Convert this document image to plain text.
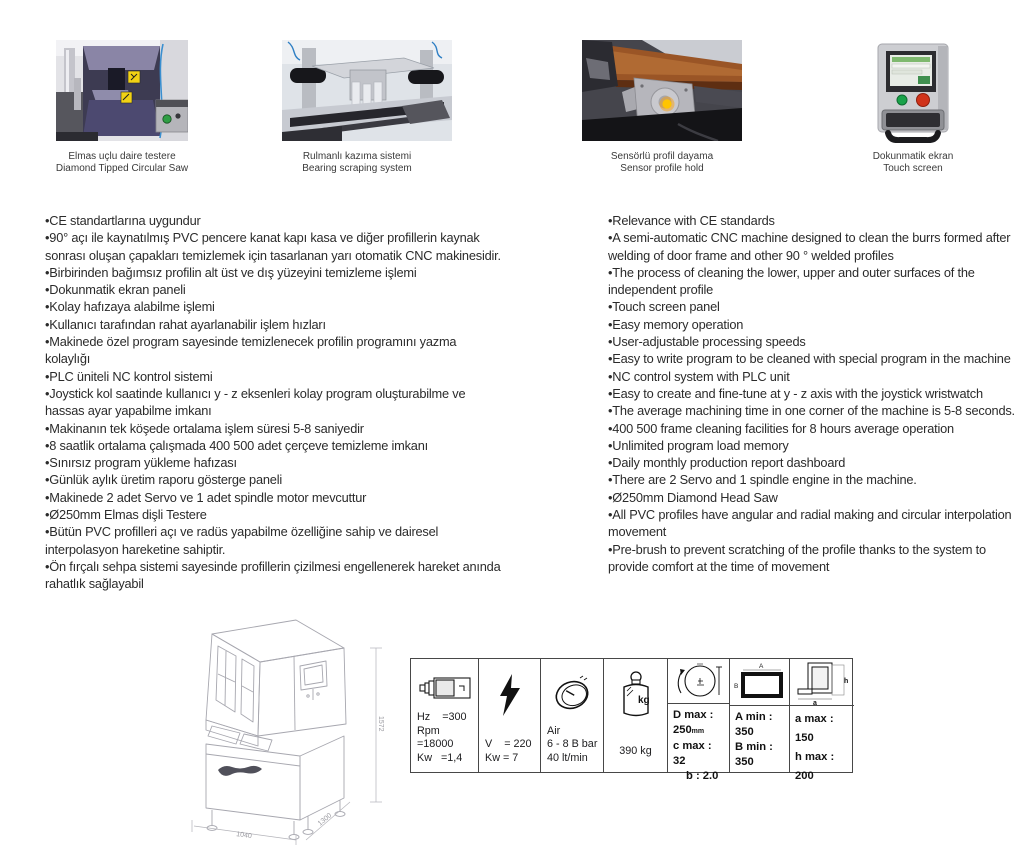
Elmas uçlu daire testere
Diamond Tipped Circular Saw
Rulmanlı kazıma sistemi
Bearing scraping system
Sensörlü profil dayama
Sensor profile hold
Dokunmatik ekran
Touch screen
•CE standartlarına uygundur
•90° açı ile kaynatılmış PVC pencere kanat kapı kasa ve diğer profillerin kaynak sonrası oluşan çapakları temizlemek için tasarlanan yarı otomatik CNC makinesidir.
•Birbirinden bağımsız profilin alt üst ve dış yüzeyini temizleme işlemi
•Dokunmatik ekran paneli
•Kolay hafızaya alabilme işlemi
•Kullanıcı tarafından rahat ayarlanabilir işlem hızları
•Makinede özel program sayesinde temizlenecek profilin programını yazma kolaylığı
•PLC üniteli NC kontrol sistemi
•Joystick kol saatinde kullanıcı y - z eksenleri kolay program oluşturabilme ve hassas ayar yapabilme imkanı
•Makinanın tek köşede ortalama işlem süresi 5-8 saniyedir
•8 saatlik ortalama çalışmada 400 500 adet çerçeve temizleme imkanı
•Sınırsız program yükleme hafızası
•Günlük aylık üretim raporu gösterge paneli
•Makinede 2 adet Servo ve 1 adet spindle motor mevcuttur
•Ø250mm Elmas dişli Testere
•Bütün PVC profilleri açı ve radüs yapabilme özelliğine sahip ve dairesel interpolasyon hareketine sahiptir.
•Ön fırçalı sehpa sistemi sayesinde profillerin çizilmesi engellenerek hareket anında rahatlık sağlayabil
•Relevance with CE standards
•A semi-automatic CNC machine designed to clean the burrs formed after welding of door frame and other 90 ° welded profiles
•The process of cleaning the lower, upper and outer surfaces of the independent profile
•Touch screen panel
•Easy memory operation
•User-adjustable processing speeds
•Easy to write program to be cleaned with special program in the machine
•NC control system with PLC unit
•Easy to create and fine-tune at y - z axis with the joystick wristwatch
•The average machining time in one corner of the machine is 5-8 seconds.
•400 500 frame cleaning facilities for 8 hours average operation
•Unlimited program load memory
•Daily monthly production report dashboard
•There are 2 Servo and 1 spindle engine in the machine.
•Ø250mm Diamond Head Saw
•All PVC profiles have angular and radial making and circular interpolation movement
•Pre-brush to prevent scratching of the profile thanks to the system to provide comfort at the time of movement
1040
1300
1572	Hz    =300
Rpm =18000
Kw   =1,4
V    = 220
Kw = 7
Air
6 - 8 B bar
40 lt/min
kg
390 kg
D max : 250mm
c max : 32
b : 2.0
A
B
A min : 350
B min : 350
h
a
a max : 150
h max : 200
